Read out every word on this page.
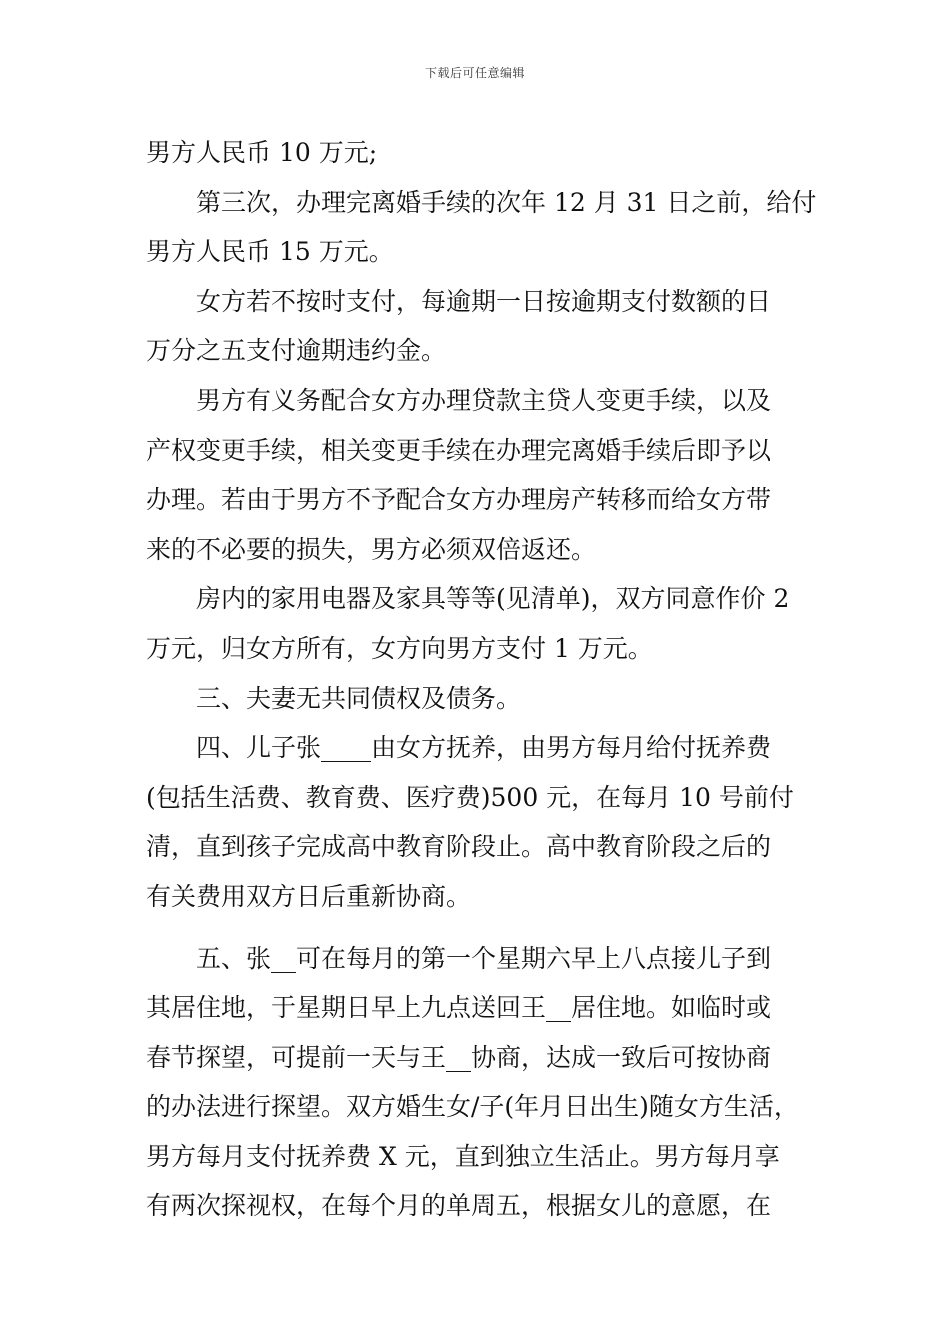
下载后可任意编辑
男方人民币 10 万元;
第三次，办理完离婚手续的次年 12 月 31 日之前，给付
男方人民币 15 万元。
女方若不按时支付，每逾期一日按逾期支付数额的日
万分之五支付逾期违约金。
男方有义务配合女方办理贷款主贷人变更手续，以及
产权变更手续，相关变更手续在办理完离婚手续后即予以
办理。若由于男方不予配合女方办理房产转移而给女方带
来的不必要的损失，男方必须双倍返还。
房内的家用电器及家具等等(见清单)，双方同意作价 2
万元，归女方所有，女方向男方支付 1 万元。
三、夫妻无共同债权及债务。
四、儿子张____由女方抚养，由男方每月给付抚养费
(包括生活费、教育费、医疗费)500 元，在每月 10 号前付
清，直到孩子完成高中教育阶段止。高中教育阶段之后的
有关费用双方日后重新协商。
五、张__可在每月的第一个星期六早上八点接儿子到
其居住地，于星期日早上九点送回王__居住地。如临时或
春节探望，可提前一天与王__协商，达成一致后可按协商
的办法进行探望。双方婚生女/子(年月日出生)随女方生活，
男方每月支付抚养费 X 元，直到独立生活止。男方每月享
有两次探视权，在每个月的单周五，根据女儿的意愿，在
